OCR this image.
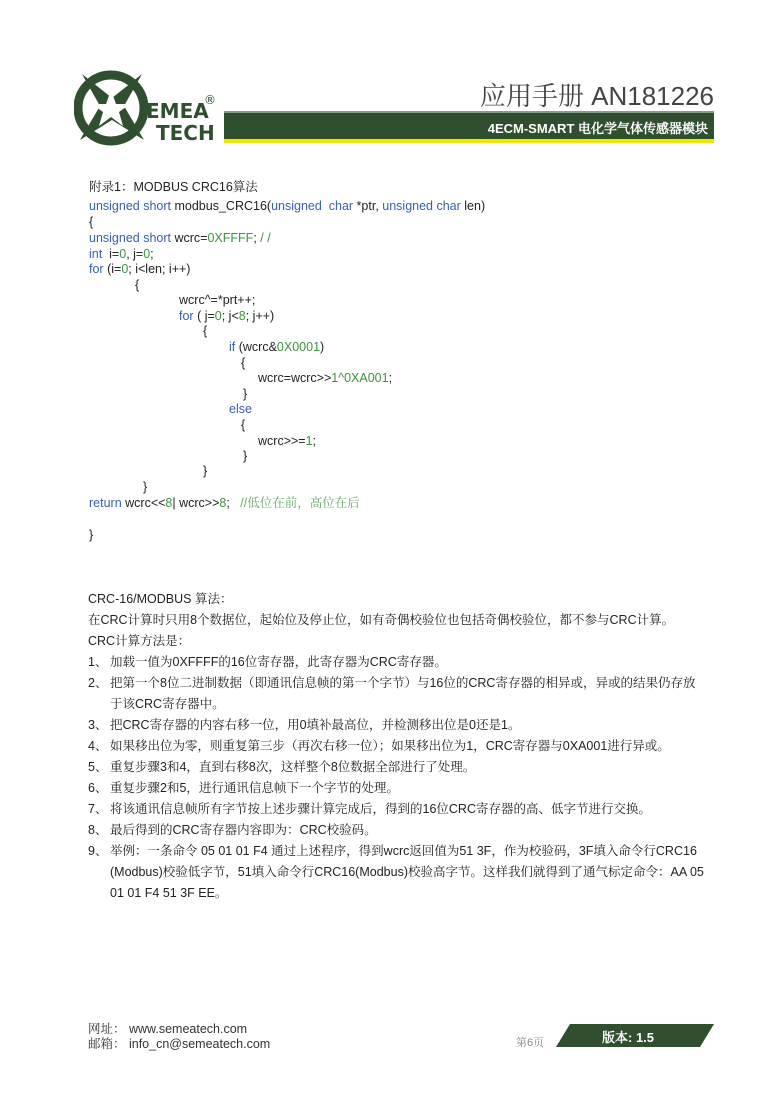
EMEA
TECH
®	应用手册 AN181226
4ECM-SMART 电化学气体传感器模块
附录1：MODBUS CRC16算法
unsigned short modbus_CRC16(unsigned  char *ptr, unsigned char len)
{
unsigned short wcrc=0XFFFF; / /
int  i=0, j=0;
for (i=0; i<len; i++)
{
wcrc^=*prt++;
for ( j=0; j<8; j++)
{
if (wcrc&0X0001)
{
wcrc=wcrc>>1^0XA001;
}
else
{
wcrc>>=1;
}
}
}
return wcrc<<8| wcrc>>8;   //低位在前，高位在后
}
CRC-16/MODBUS 算法：
在CRC计算时只用8个数据位，起始位及停止位，如有奇偶校验位也包括奇偶校验位，都不参与CRC计算。
CRC计算方法是：
1、 加载一值为0XFFFF的16位寄存器，此寄存器为CRC寄存器。
2、 把第一个8位二进制数据（即通讯信息帧的第一个字节）与16位的CRC寄存器的相异或，异或的结果仍存放
于该CRC寄存器中。
3、 把CRC寄存器的内容右移一位，用0填补最高位，并检测移出位是0还是1。
4、 如果移出位为零，则重复第三步（再次右移一位）；如果移出位为1，CRC寄存器与0XA001进行异或。
5、 重复步骤3和4，直到右移8次，这样整个8位数据全部进行了处理。
6、 重复步骤2和5，进行通讯信息帧下一个字节的处理。
7、 将该通讯信息帧所有字节按上述步骤计算完成后，得到的16位CRC寄存器的高、低字节进行交换。
8、 最后得到的CRC寄存器内容即为：CRC校验码。
9、 举例：一条命令 05 01 01 F4 通过上述程序，得到wcrc返回值为51 3F，作为校验码，3F填入命令行CRC16
(Modbus)校验低字节，51填入命令行CRC16(Modbus)校验高字节。这样我们就得到了通气标定命令：AA 05
01 01 F4 51 3F EE。
网址： www.semeatech.com
邮箱： info_cn@semeatech.com	第6页	版本: 1.5
